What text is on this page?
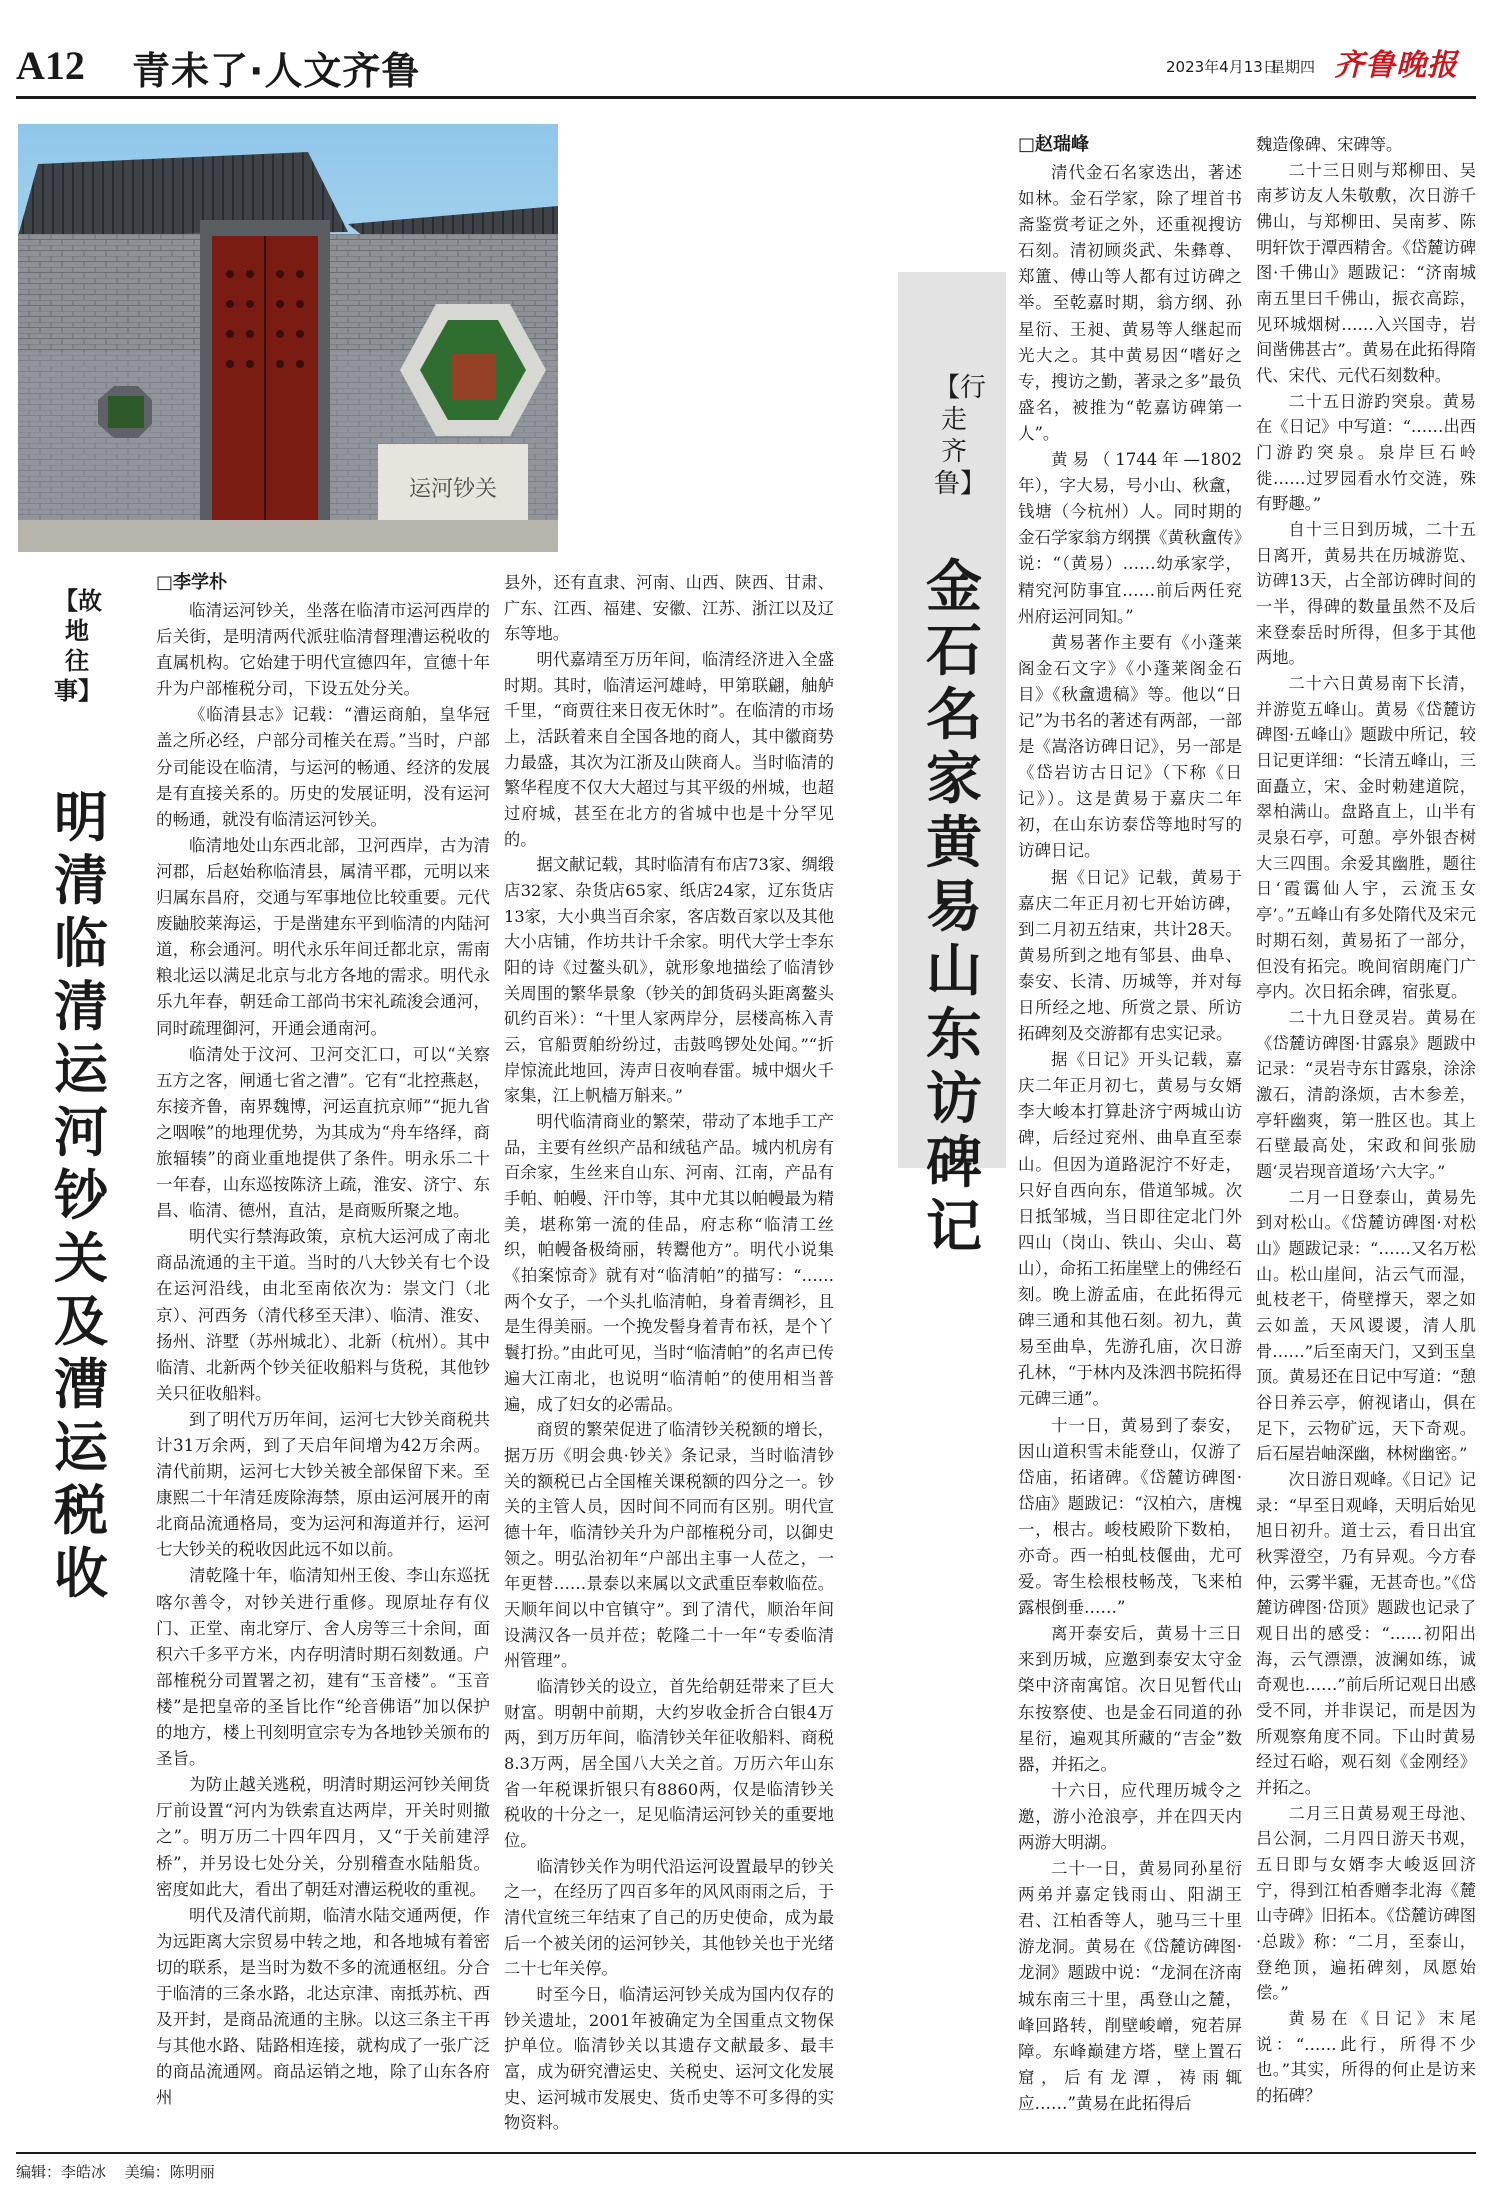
A12 青未了·人文齐鲁	2023年4月13日
星期四 齐鲁晚报
运河钞关
【故地往事】
明清临清运河钞关及漕运税收
□李学朴

临清运河钞关，坐落在临清市运河西岸的后关街，是明清两代派驻临清督理漕运税收的直属机构。它始建于明代宣德四年，宣德十年升为户部榷税分司，下设五处分关。

《临清县志》记载：“漕运商舶，皇华冠盖之所必经，户部分司榷关在焉。”当时，户部分司能设在临清，与运河的畅通、经济的发展是有直接关系的。历史的发展证明，没有运河的畅通，就没有临清运河钞关。

临清地处山东西北部，卫河西岸，古为清河郡，后赵始称临清县，属清平郡，元明以来归属东昌府，交通与军事地位比较重要。元代废鼬胶莱海运，于是凿建东平到临清的内陆河道，称会通河。明代永乐年间迁都北京，需南粮北运以满足北京与北方各地的需求。明代永乐九年春，朝廷命工部尚书宋礼疏浚会通河，同时疏理御河，开通会通南河。

临清处于汶河、卫河交汇口，可以“关察五方之客，闸通七省之漕”。它有“北控燕赵，东接齐鲁，南界魏博，河运直抗京师”“扼九省之咽喉”的地理优势，为其成为“舟车络绎，商旅辐辏”的商业重地提供了条件。明永乐二十一年春，山东巡按陈济上疏，淮安、济宁、东昌、临清、德州，直沽，是商贩所聚之地。

明代实行禁海政策，京杭大运河成了南北商品流通的主干道。当时的八大钞关有七个设在运河沿线，由北至南依次为：崇文门（北京）、河西务（清代移至天津）、临清、淮安、扬州、浒墅（苏州城北）、北新（杭州）。其中临清、北新两个钞关征收船料与货税，其他钞关只征收船料。

到了明代万历年间，运河七大钞关商税共计31万余两，到了天启年间增为42万余两。清代前期，运河七大钞关被全部保留下来。至康熙二十年清廷废除海禁，原由运河展开的南北商品流通格局，变为运河和海道并行，运河七大钞关的税收因此远不如以前。

清乾隆十年，临清知州王俊、李山东巡抚喀尔善令，对钞关进行重修。现原址存有仪门、正堂、南北穿厅、舍人房等三十余间，面积六千多平方米，内存明清时期石刻数通。户部榷税分司置署之初，建有“玉音楼”。“玉音楼”是把皇帝的圣旨比作“纶音佛语”加以保护的地方，楼上刊刻明宣宗专为各地钞关颁布的圣旨。

为防止越关逃税，明清时期运河钞关闸货厅前设置“河内为铁索直达两岸，开关时则撤之”。明万历二十四年四月，又“于关前建浮桥”，并另设七处分关，分别稽查水陆船货。密度如此大，看出了朝廷对漕运税收的重视。

明代及清代前期，临清水陆交通两便，作为远距离大宗贸易中转之地，和各地城有着密切的联系，是当时为数不多的流通枢纽。分合于临清的三条水路，北达京津、南抵苏杭、西及开封，是商品流通的主脉。以这三条主干再与其他水路、陆路相连接，就构成了一张广泛的商品流通网。商品运销之地，除了山东各府州

县外，还有直隶、河南、山西、陕西、甘肃、广东、江西、福建、安徽、江苏、浙江以及辽东等地。

明代嘉靖至万历年间，临清经济进入全盛时期。其时，临清运河雄峙，甲第联翩，舳舻千里，“商贾往来日夜无休时”。在临清的市场上，活跃着来自全国各地的商人，其中徽商势力最盛，其次为江浙及山陕商人。当时临清的繁华程度不仅大大超过与其平级的州城，也超过府城，甚至在北方的省城中也是十分罕见的。

据文献记载，其时临清有布店73家、绸缎店32家、杂货店65家、纸店24家，辽东货店13家，大小典当百余家，客店数百家以及其他大小店铺，作坊共计千余家。明代大学士李东阳的诗《过鳌头矶》，就形象地描绘了临清钞关周围的繁华景象（钞关的卸货码头距离鳌头矶约百米）：“十里人家两岸分，层楼高栋入青云，官船贾舶纷纷过，击鼓鸣锣处处闻。”“折岸惊流此地回，涛声日夜响春雷。城中烟火千家集，江上帆樯万斛来。”

明代临清商业的繁荣，带动了本地手工产品，主要有丝织产品和绒毡产品。城内机房有百余家，生丝来自山东、河南、江南，产品有手帕、帕幔、汗巾等，其中尤其以帕幔最为精美，堪称第一流的佳品，府志称“临清工丝织，帕幔备极绮丽，转鬻他方”。明代小说集《拍案惊奇》就有对“临清帕”的描写：“……两个女子，一个头扎临清帕，身着青绸衫，且是生得美丽。一个挽发髻身着青布袄，是个丫鬟打扮。”由此可见，当时“临清帕”的名声已传遍大江南北，也说明“临清帕”的使用相当普遍，成了妇女的必需品。

商贸的繁荣促进了临清钞关税额的增长，据万历《明会典·钞关》条记录，当时临清钞关的额税已占全国榷关课税额的四分之一。钞关的主管人员，因时间不同而有区别。明代宣德十年，临清钞关升为户部榷税分司，以御史领之。明弘治初年“户部出主事一人莅之，一年更替……景泰以来属以文武重臣奉敕临莅。天顺年间以中官镇守”。到了清代，顺治年间设满汉各一员并莅；乾隆二十一年“专委临清州管理”。

临清钞关的设立，首先给朝廷带来了巨大财富。明朝中前期，大约岁收金折合白银4万两，到万历年间，临清钞关年征收船料、商税8.3万两，居全国八大关之首。万历六年山东省一年税课折银只有8860两，仅是临清钞关税收的十分之一，足见临清运河钞关的重要地位。

临清钞关作为明代沿运河设置最早的钞关之一，在经历了四百多年的风风雨雨之后，于清代宣统三年结束了自己的历史使命，成为最后一个被关闭的运河钞关，其他钞关也于光绪二十七年关停。

时至今日，临清运河钞关成为国内仅存的钞关遗址，2001年被确定为全国重点文物保护单位。临清钞关以其遗存文献最多、最丰富，成为研究漕运史、关税史、运河文化发展史、运河城市发展史、货币史等不可多得的实物资料。

【行走齐鲁】
金石名家黄易山东访碑记
□赵瑞峰

清代金石名家迭出，著述如林。金石学家，除了埋首书斋鉴赏考证之外，还重视搜访石刻。清初顾炎武、朱彝尊、郑簠、傅山等人都有过访碑之举。至乾嘉时期，翁方纲、孙星衍、王昶、黄易等人继起而光大之。其中黄易因“嗜好之专，搜访之勤，著录之多”最负盛名，被推为“乾嘉访碑第一人”。

黄易（1744年—1802年），字大易，号小山、秋盦，钱塘（今杭州）人。同时期的金石学家翁方纲撰《黄秋盦传》说：“（黄易）……幼承家学，精究河防事宜……前后两任兖州府运河同知。”

黄易著作主要有《小蓬莱阁金石文字》《小蓬莱阁金石目》《秋盦遗稿》等。他以“日记”为书名的著述有两部，一部是《嵩洛访碑日记》，另一部是《岱岩访古日记》（下称《日记》）。这是黄易于嘉庆二年初，在山东访泰岱等地时写的访碑日记。

据《日记》记载，黄易于嘉庆二年正月初七开始访碑，到二月初五结束，共计28天。黄易所到之地有邹县、曲阜、泰安、长清、历城等，并对每日所经之地、所赏之景、所访拓碑刻及交游都有忠实记录。

据《日记》开头记载，嘉庆二年正月初七，黄易与女婿李大峻本打算赴济宁两城山访碑，后经过兖州、曲阜直至泰山。但因为道路泥泞不好走，只好自西向东，借道邹城。次日抵邹城，当日即往定北门外四山（岗山、铁山、尖山、葛山），命拓工拓崖壁上的佛经石刻。晚上游孟庙，在此拓得元碑三通和其他石刻。初九，黄易至曲阜，先游孔庙，次日游孔林，“于林内及洙泗书院拓得元碑三通”。

十一日，黄易到了泰安，因山道积雪未能登山，仅游了岱庙，拓诸碑。《岱麓访碑图·岱庙》题跋记：“汉柏六，唐槐一，根古。峻枝殿阶下数柏，亦奇。西一柏虬枝偃曲，尤可爱。寄生桧根枝畅茂，飞来柏露根倒垂……”

离开泰安后，黄易十三日来到历城，应邀到泰安太守金棨中济南寓馆。次日见暂代山东按察使、也是金石同道的孙星衍，遍观其所藏的“吉金”数器，并拓之。

十六日，应代理历城令之邀，游小沧浪亭，并在四天内两游大明湖。

二十一日，黄易同孙星衍两弟并嘉定钱雨山、阳湖王君、江柏香等人，驰马三十里游龙洞。黄易在《岱麓访碑图·龙洞》题跋中说：“龙洞在济南城东南三十里，禹登山之麓，峰回路转，削壁峻嶒，宛若屏障。东峰巅建方塔，壁上置石窟，后有龙潭，祷雨辄应……”黄易在此拓得后

魏造像碑、宋碑等。

二十三日则与郑柳田、吴南芗访友人朱敬敷，次日游千佛山，与郑柳田、吴南芗、陈明轩饮于潭西精舍。《岱麓访碑图·千佛山》题跋记：“济南城南五里曰千佛山，振衣高踪，见环城烟树……入兴国寺，岩间凿佛甚古”。黄易在此拓得隋代、宋代、元代石刻数种。

二十五日游趵突泉。黄易在《日记》中写道：“……出西门游趵突泉。泉岸巨石岭徙……过罗园看水竹交涟，殊有野趣。”

自十三日到历城，二十五日离开，黄易共在历城游览、访碑13天，占全部访碑时间的一半，得碑的数量虽然不及后来登泰岳时所得，但多于其他两地。

二十六日黄易南下长清，并游览五峰山。黄易《岱麓访碑图·五峰山》题跋中所记，较日记更详细：“长清五峰山，三面矗立，宋、金时勅建道院，翠柏满山。盘路直上，山半有灵泉石亭，可憩。亭外银杏树大三四围。余爱其幽胜，题往日‘霞霭仙人宇，云流玉女亭’。”五峰山有多处隋代及宋元时期石刻，黄易拓了一部分，但没有拓完。晚间宿朗庵门广亭内。次日拓余碑，宿张夏。

二十九日登灵岩。黄易在《岱麓访碑图·甘露泉》题跋中记录：“灵岩寺东甘露泉，涂涂激石，清韵涤烦，古木参差，亭轩幽爽，第一胜区也。其上石壁最高处，宋政和间张励题‘灵岩现音道场’六大字。”

二月一日登泰山，黄易先到对松山。《岱麓访碑图·对松山》题跋记录：“……又名万松山。松山崖间，沾云气而湿，虬枝老干，倚壁撑天，翠之如云如盖，天风谡谡，清人肌骨……”后至南天门，又到玉皇顶。黄易还在日记中写道：“憩谷日养云亭，俯视诸山，俱在足下，云物矿远，天下奇观。后石屋岩岫深幽，林树幽密。”

次日游日观峰。《日记》记录：“早至日观峰，天明后始见旭日初升。道士云，看日出宜秋霁澄空，乃有异观。今方春仲，云雾半霾，无甚奇也。”《岱麓访碑图·岱顶》题跋也记录了观日出的感受：“……初阳出海，云气漂漂，波澜如练，诚奇观也……”前后所记观日出感受不同，并非误记，而是因为所观察角度不同。下山时黄易经过石峪，观石刻《金刚经》并拓之。

二月三日黄易观王母池、吕公洞，二月四日游天书观，五日即与女婿李大峻返回济宁，得到江柏香赠李北海《麓山寺碑》旧拓本。《岱麓访碑图·总跋》称：“二月，至泰山，登绝顶，遍拓碑刻，凤愿始偿。”

黄易在《日记》末尾说：“……此行，所得不少也。”其实，所得的何止是访来的拓碑？

编辑：李皓冰 美编：陈明丽
